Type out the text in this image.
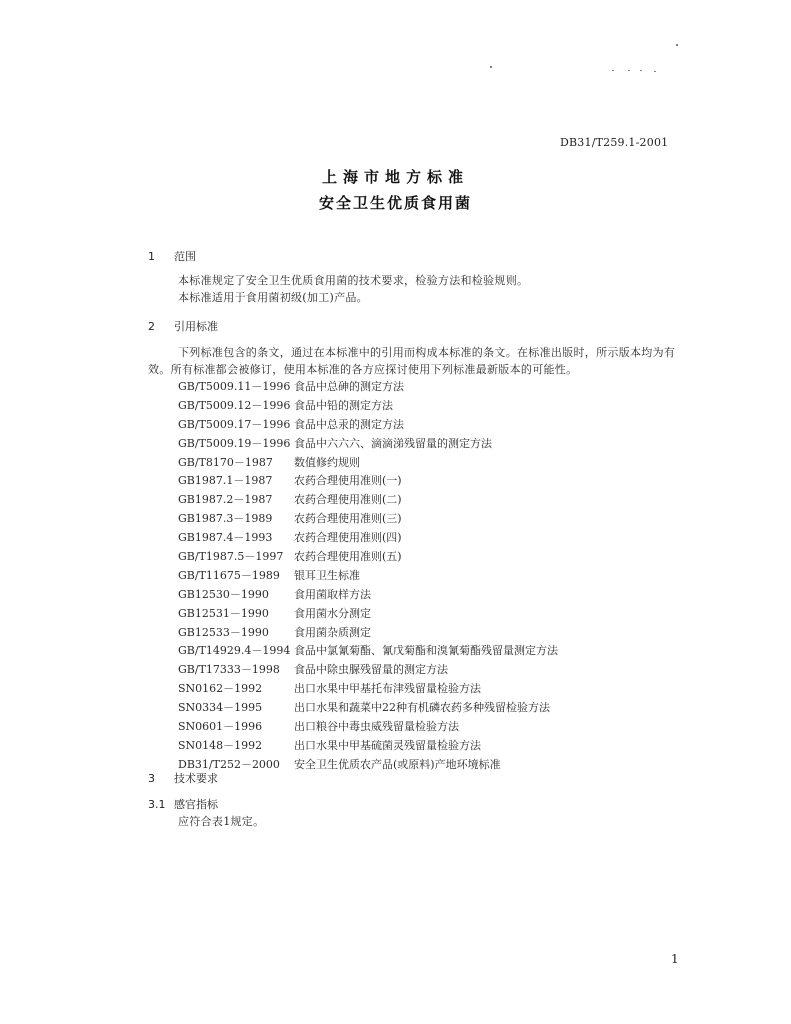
DB31/T259.1-2001
上海市地方标准
安全卫生优质食用菌
1 范围
本标准规定了安全卫生优质食用菌的技术要求，检验方法和检验规则。
本标准适用于食用菌初级(加工)产品。
2 引用标准
下列标准包含的条文，通过在本标准中的引用而构成本标准的条文。在标准出版时，所示版本均为有效。所有标准都会被修订，使用本标准的各方应探讨使用下列标准最新版本的可能性。
GB/T5009.11－1996 食品中总砷的测定方法
GB/T5009.12－1996 食品中铅的测定方法
GB/T5009.17－1996 食品中总汞的测定方法
GB/T5009.19－1996 食品中六六六、滴滴涕残留量的测定方法
GB/T8170－1987 数值修约规则
GB1987.1－1987 农药合理使用准则(一)
GB1987.2－1987 农药合理使用准则(二)
GB1987.3－1989 农药合理使用准则(三)
GB1987.4－1993 农药合理使用准则(四)
GB/T1987.5－1997 农药合理使用准则(五)
GB/T11675－1989 银耳卫生标准
GB12530－1990 食用菌取样方法
GB12531－1990 食用菌水分测定
GB12533－1990 食用菌杂质测定
GB/T14929.4－1994 食品中氯氰菊酯、氰戊菊酯和溴氰菊酯残留量测定方法
GB/T17333－1998 食品中除虫脲残留量的测定方法
SN0162－1992	出口水果中甲基托布津残留量检验方法
SN0334－1995	出口水果和蔬菜中22种有机磷农药多种残留检验方法
SN0601－1996	出口粮谷中毒虫威残留量检验方法
SN0148－1992	出口水果中甲基硫菌灵残留量检验方法
DB31/T252－2000 安全卫生优质农产品(或原料)产地环境标准
3 技术要求
3.1 感官指标
应符合表1规定。
1
